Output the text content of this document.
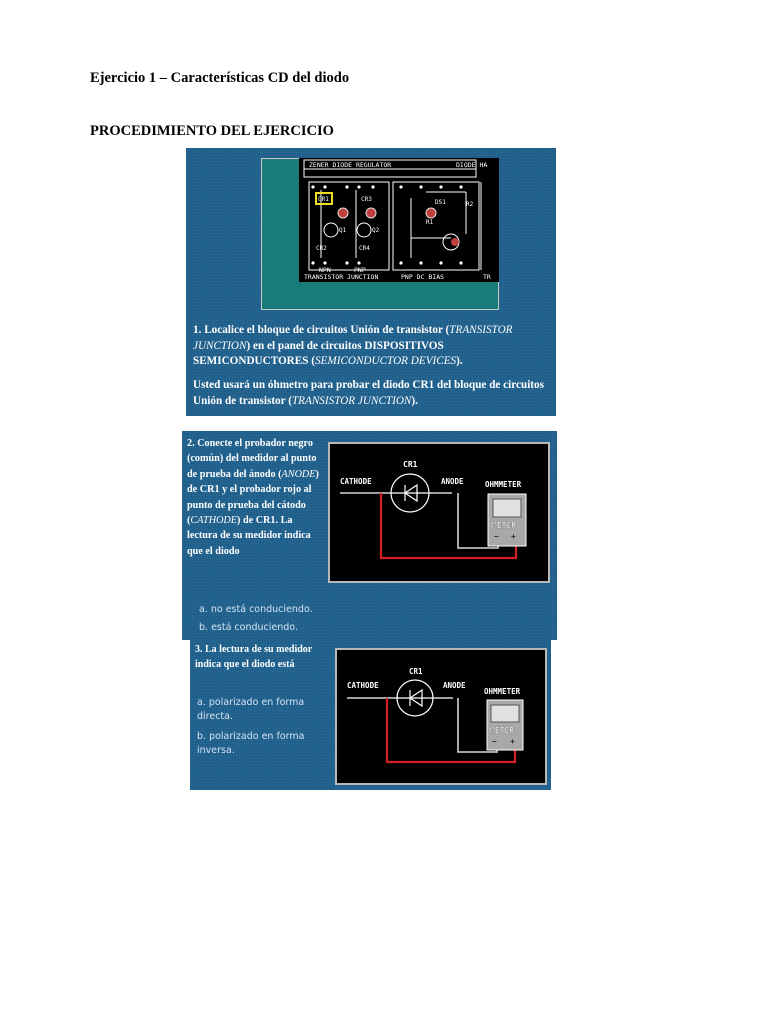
Ejercicio 1 – Características CD del diodo
PROCEDIMIENTO DEL EJERCICIO
ZENER DIODE REGULATOR	DIODE HA
CR1	CR3
Q1	Q2
CR2	CR4
NPN	PNP
TRANSISTOR JUNCTION	PNP DC BIAS
DS1
R1
R2
TR

1. Localice el bloque de circuitos Unión de transistor (TRANSISTOR JUNCTION) en el panel de circuitos DISPOSITIVOS SEMICONDUCTORES (SEMICONDUCTOR DEVICES).

Usted usará un óhmetro para probar el diodo CR1 del bloque de circuitos Unión de transistor (TRANSISTOR JUNCTION).

2. Conecte el probador negro (común) del medidor al punto de prueba del ánodo (ANODE) de CR1 y el probador rojo al punto de prueba del cátodo (CATHODE) de CR1. La lectura de su medidor indica que el diodo

a. no está conduciendo.

b. está conduciendo.

CR1
CATHODE	ANODE	OHMMETER
METER
− +

3. La lectura de su medidor indica que el diodo está

a. polarizado en forma directa.

b. polarizado en forma inversa.

CR1
CATHODE	ANODE
OHMMETER
METER
− +
